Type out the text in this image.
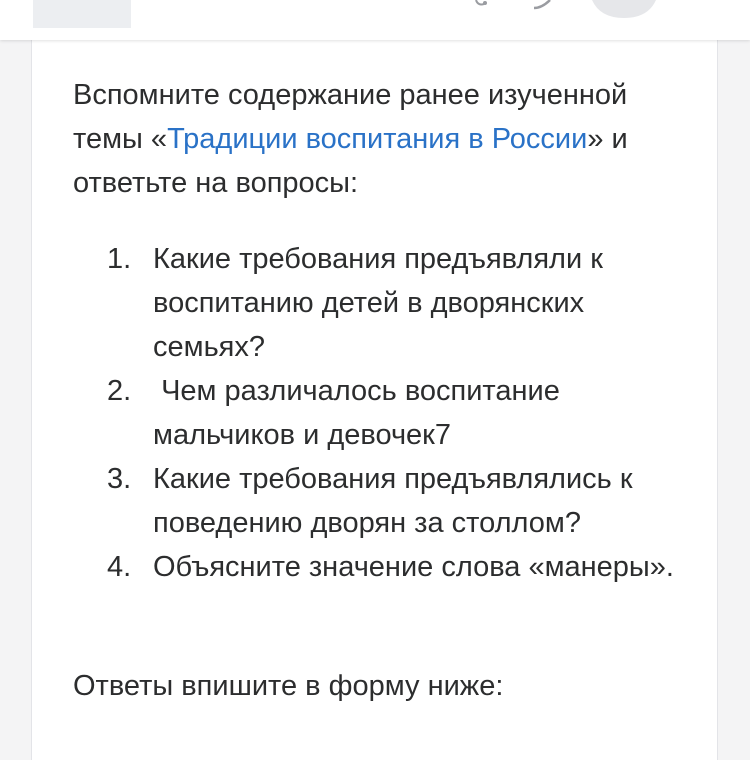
Вспомните содержание ранее изученной темы «Традиции воспитания в России» и ответьте на вопросы:
1. Какие требования предъявляли к воспитанию детей в дворянских семьях?
2. Чем различалось воспитание мальчиков и девочек7
3. Какие требования предъявлялись к поведению дворян за столлом?
4. Объясните значение слова «манеры».
Ответы впишите в форму ниже:
